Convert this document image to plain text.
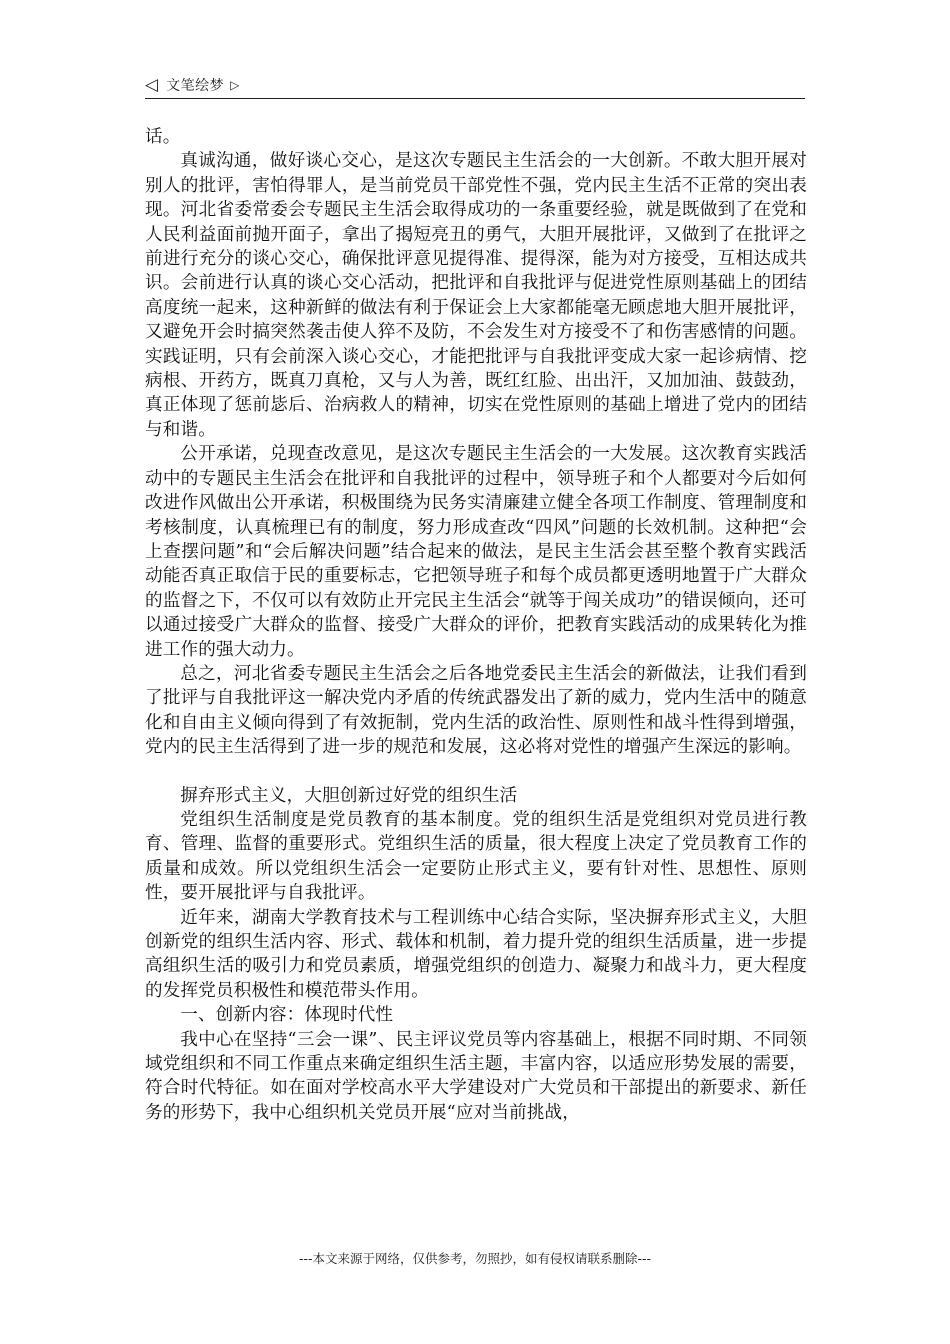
◁ 文笔绘梦 ▷

话。

真诚沟通，做好谈心交心，是这次专题民主生活会的一大创新。不敢大胆开展对别人的批评，害怕得罪人，是当前党员干部党性不强，党内民主生活不正常的突出表现。河北省委常委会专题民主生活会取得成功的一条重要经验，就是既做到了在党和人民利益面前抛开面子，拿出了揭短亮丑的勇气，大胆开展批评，又做到了在批评之前进行充分的谈心交心，确保批评意见提得准、提得深，能为对方接受，互相达成共识。会前进行认真的谈心交心活动，把批评和自我批评与促进党性原则基础上的团结高度统一起来，这种新鲜的做法有利于保证会上大家都能毫无顾虑地大胆开展批评，又避免开会时搞突然袭击使人猝不及防，不会发生对方接受不了和伤害感情的问题。实践证明，只有会前深入谈心交心，才能把批评与自我批评变成大家一起诊病情、挖病根、开药方，既真刀真枪，又与人为善，既红红脸、出出汗，又加加油、鼓鼓劲，真正体现了惩前毖后、治病救人的精神，切实在党性原则的基础上增进了党内的团结与和谐。

公开承诺，兑现查改意见，是这次专题民主生活会的一大发展。这次教育实践活动中的专题民主生活会在批评和自我批评的过程中，领导班子和个人都要对今后如何改进作风做出公开承诺，积极围绕为民务实清廉建立健全各项工作制度、管理制度和考核制度，认真梳理已有的制度，努力形成查改“四风”问题的长效机制。这种把“会上查摆问题”和“会后解决问题”结合起来的做法，是民主生活会甚至整个教育实践活动能否真正取信于民的重要标志，它把领导班子和每个成员都更透明地置于广大群众的监督之下，不仅可以有效防止开完民主生活会“就等于闯关成功”的错误倾向，还可以通过接受广大群众的监督、接受广大群众的评价，把教育实践活动的成果转化为推进工作的强大动力。

总之，河北省委专题民主生活会之后各地党委民主生活会的新做法，让我们看到了批评与自我批评这一解决党内矛盾的传统武器发出了新的威力，党内生活中的随意化和自由主义倾向得到了有效扼制，党内生活的政治性、原则性和战斗性得到增强，党内的民主生活得到了进一步的规范和发展，这必将对党性的增强产生深远的影响。

摒弃形式主义，大胆创新过好党的组织生活

党组织生活制度是党员教育的基本制度。党的组织生活是党组织对党员进行教育、管理、监督的重要形式。党组织生活的质量，很大程度上决定了党员教育工作的质量和成效。所以党组织生活会一定要防止形式主义，要有针对性、思想性、原则性，要开展批评与自我批评。

近年来，湖南大学教育技术与工程训练中心结合实际，坚决摒弃形式主义，大胆创新党的组织生活内容、形式、载体和机制，着力提升党的组织生活质量，进一步提高组织生活的吸引力和党员素质，增强党组织的创造力、凝聚力和战斗力，更大程度的发挥党员积极性和模范带头作用。

一、创新内容：体现时代性

我中心在坚持“三会一课”、民主评议党员等内容基础上，根据不同时期、不同领域党组织和不同工作重点来确定组织生活主题，丰富内容，以适应形势发展的需要，符合时代特征。如在面对学校高水平大学建设对广大党员和干部提出的新要求、新任务的形势下，我中心组织机关党员开展“应对当前挑战，

---本文来源于网络，仅供参考，勿照抄，如有侵权请联系删除---
